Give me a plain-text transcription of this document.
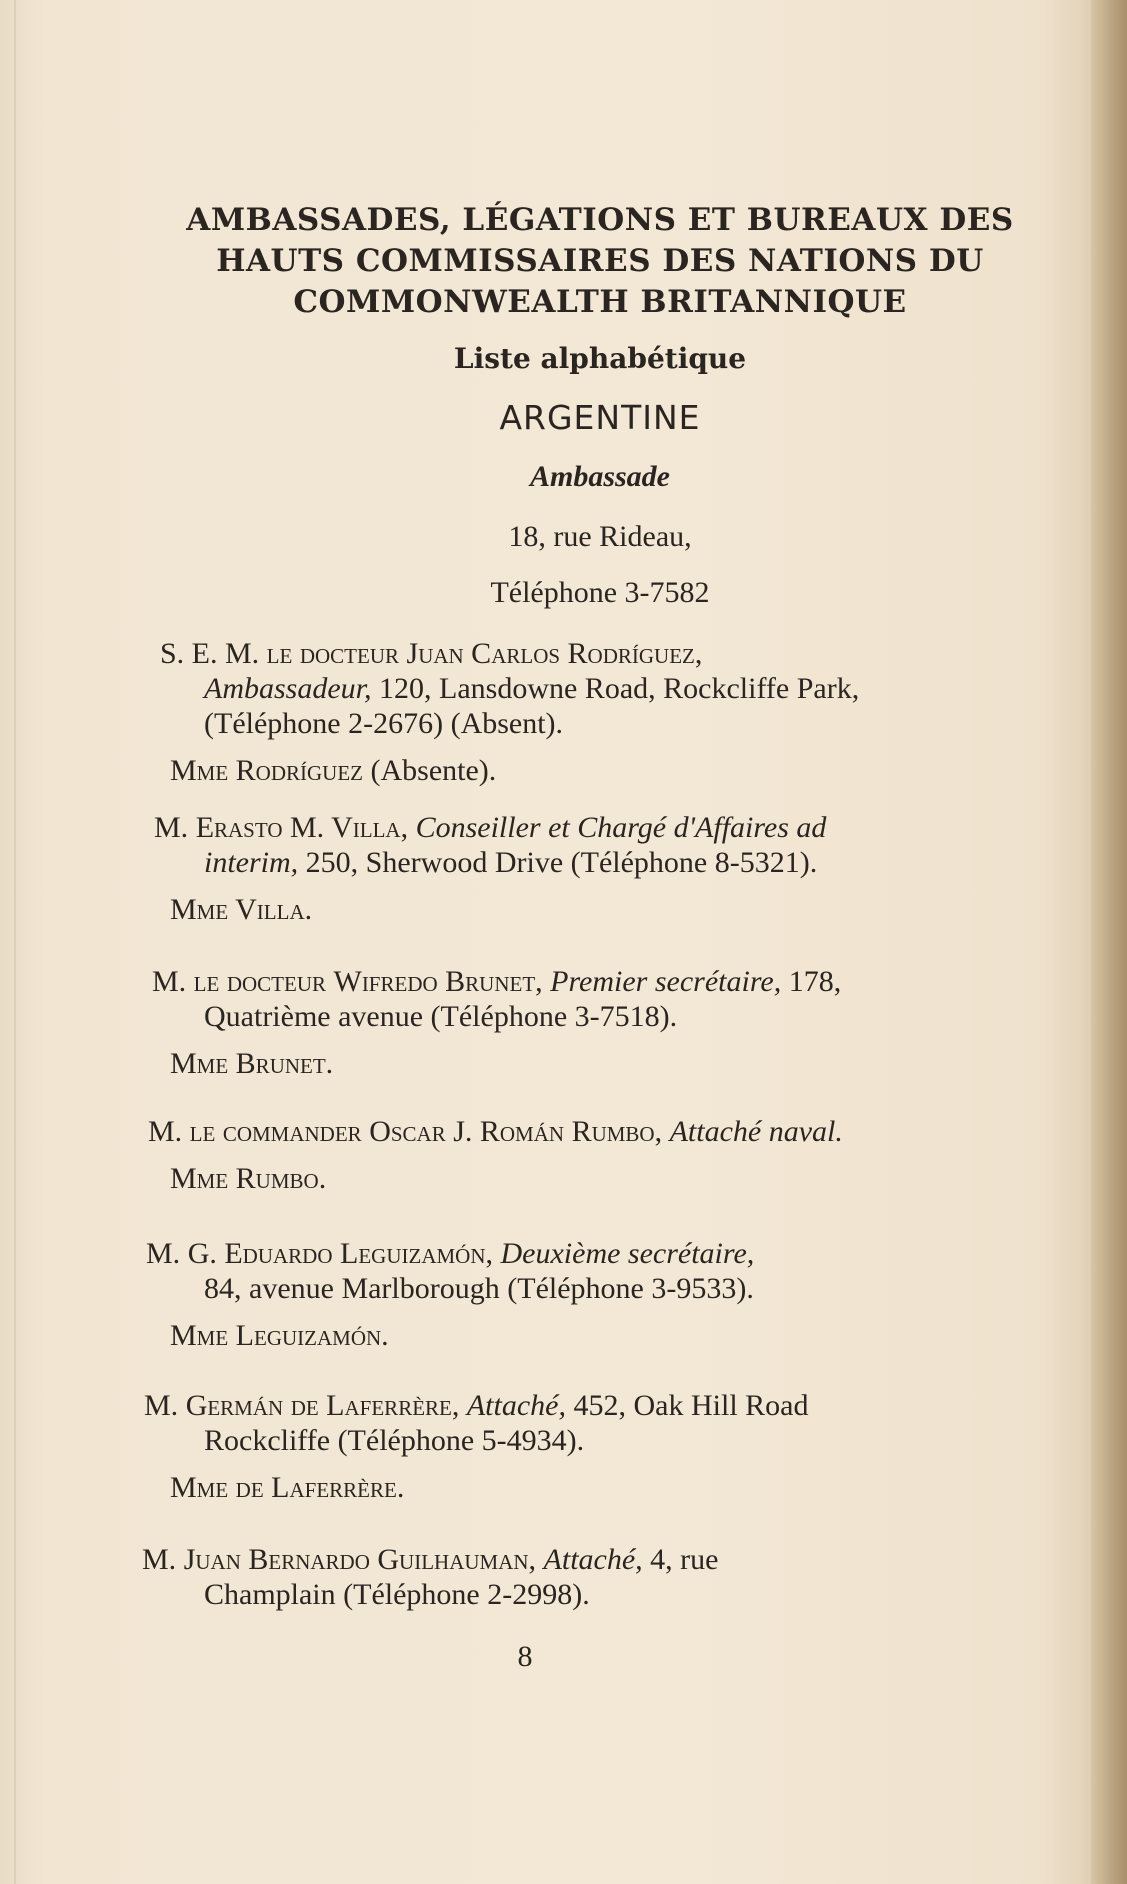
AMBASSADES, LÉGATIONS ET BUREAUX DES
HAUTS COMMISSAIRES DES NATIONS DU
COMMONWEALTH BRITANNIQUE
Liste alphabétique
ARGENTINE
Ambassade
18, rue Rideau,
Téléphone 3-7582
S. E. M. le docteur Juan Carlos Rodríguez,
Ambassadeur, 120, Lansdowne Road, Rockcliffe Park,
(Téléphone 2-2676) (Absent).
Mme Rodríguez (Absente).
M. Erasto M. Villa, Conseiller et Chargé d'Affaires ad
interim, 250, Sherwood Drive (Téléphone 8-5321).
Mme Villa.
M. le docteur Wifredo Brunet, Premier secrétaire, 178,
Quatrième avenue (Téléphone 3-7518).
Mme Brunet.
M. le commander Oscar J. Román Rumbo, Attaché naval.
Mme Rumbo.
M. G. Eduardo Leguizamón, Deuxième secrétaire,
84, avenue Marlborough (Téléphone 3-9533).
Mme Leguizamón.
M. Germán de Laferrère, Attaché, 452, Oak Hill Road
Rockcliffe (Téléphone 5-4934).
Mme de Laferrère.
M. Juan Bernardo Guilhauman, Attaché, 4, rue
Champlain (Téléphone 2-2998).
8
